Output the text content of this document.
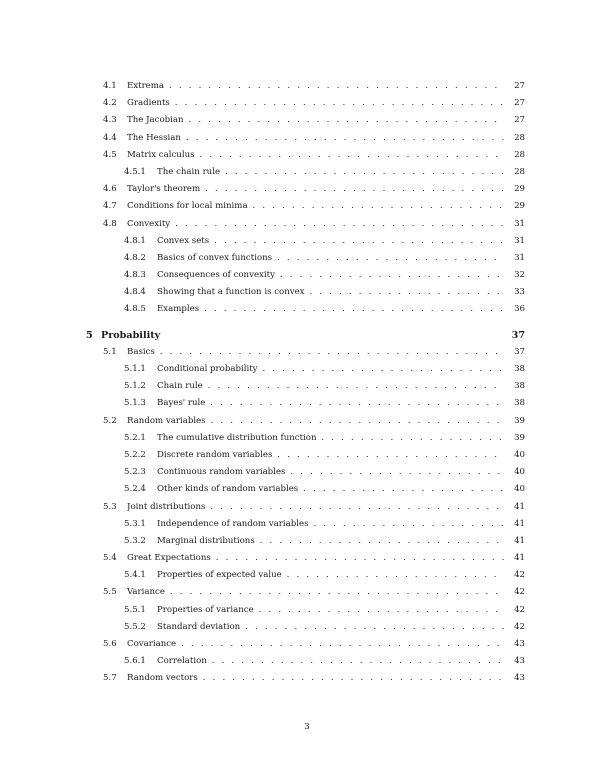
4.1 Extrema . . .	27
4.2 Gradients . . .	27
4.3 The Jacobian . . .	27
4.4 The Hessian . . .	28
4.5 Matrix calculus . . .	28
4.5.1 The chain rule . . .	28
4.6 Taylor's theorem . . .	29
4.7 Conditions for local minima . . .	29
4.8 Convexity . . .	31
4.8.1 Convex sets . . .	31
4.8.2 Basics of convex functions . . .	31
4.8.3 Consequences of convexity . . .	32
4.8.4 Showing that a function is convex . . .	33
4.8.5 Examples . . .	36
5 Probability	37
5.1 Basics . . .	37
5.1.1 Conditional probability . . .	38
5.1.2 Chain rule . . .	38
5.1.3 Bayes' rule . . .	38
5.2 Random variables . . .	39
5.2.1 The cumulative distribution function . . .	39
5.2.2 Discrete random variables . . .	40
5.2.3 Continuous random variables . . .	40
5.2.4 Other kinds of random variables . . .	40
5.3 Joint distributions . . .	41
5.3.1 Independence of random variables . . .	41
5.3.2 Marginal distributions . . .	41
5.4 Great Expectations . . .	41
5.4.1 Properties of expected value . . .	42
5.5 Variance . . .	42
5.5.1 Properties of variance . . .	42
5.5.2 Standard deviation . . .	42
5.6 Covariance . . .	43
5.6.1 Correlation . . .	43
5.7 Random vectors . . .	43
3
